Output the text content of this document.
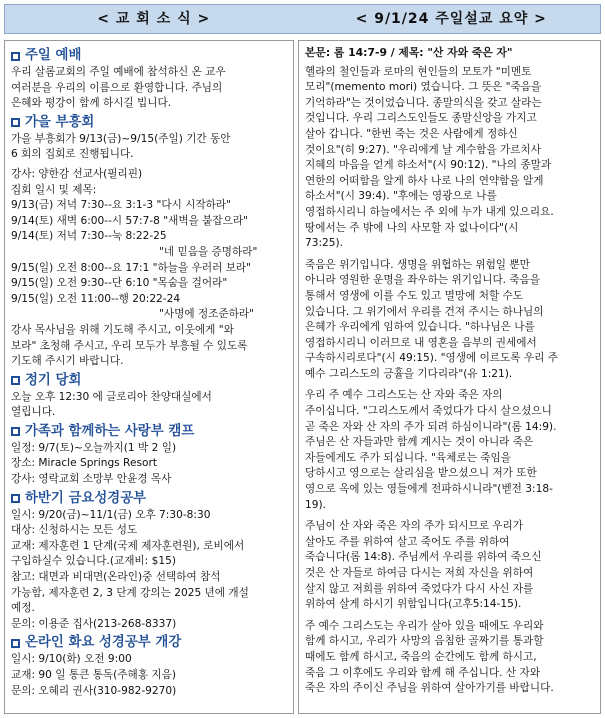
< 교 회 소 식 >	< 9/1/24 주일설교 요약 >
주일 예배
우리 살롬교회의 주일 예배에 참석하신 온 교우
여러분을 우리의 이름으로 환영합니다. 주님의
은혜와 평강이 함께 하시길 빕니다.
가을 부흥회
가을 부흥회가 9/13(금)~9/15(주일) 기간 동안
6 회의 집회로 진행됩니다.

강사: 양한감 선교사(필리핀)
집회 일시 및 제목:
9/13(금) 저녁 7:30--요 3:1-3 "다시 시작하라"
9/14(토) 새벽 6:00--시 57:7-8 "새벽을 붙잡으라"
9/14(토) 저녁 7:30--눅 8:22-25
"네 믿음을 증명하라"
9/15(일) 오전 8:00--요 17:1 "하늘을 우러러 보라"
9/15(일) 오전 9:30--단 6:10 "목숨을 걸어라"
9/15(일) 오전 11:00--행 20:22-24
"사명에 정조준하라"
강사 목사님을 위해 기도해 주시고, 이웃에게 "와
보라" 초청해 주시고, 우리 모두가 부흥될 수 있도록
기도해 주시기 바랍니다.
정기 당회
오늘 오후 12:30 에 글로리아 찬양대실에서
열립니다.
가족과 함께하는 사랑부 캠프
일정: 9/7(토)~오늘까지(1 박 2 일)
장소: Miracle Springs Resort
강사: 영락교회 소망부 안윤경 목사
하반기 금요성경공부
일시: 9/20(금)~11/1(금) 오후 7:30-8:30
대상: 신청하시는 모든 성도
교재: 제자훈련 1 단계(국제 제자훈련원), 로비에서
구입하실수 있습니다.(교재비: $15)
참고: 대면과 비대면(온라인)중 선택하여 참석
가능함, 제자훈련 2, 3 단계 강의는 2025 년에 개설
예정.
문의: 이용준 집사(213-268-8337)
온라인 화요 성경공부 개강
일시: 9/10(화) 오전 9:00
교재: 90 일 통큰 통독(주해홍 지음)
문의: 오혜리 권사(310-982-9270)
본문: 롬 14:7-9 / 제목: "산 자와 죽은 자"
헬라의 철인들과 로마의 현인들의 모토가 "미멘토
모리"(memento mori) 였습니다. 그 뜻은 "죽음을
기억하라"는 것이었습니다. 종말의식을 갖고 살라는
것입니다. 우리 그리스도인들도 종말신앙을 가지고
살아 갑니다. "한번 죽는 것은 사람에게 정하신
것이요"(히 9:27). "우리에게 날 계수함을 가르치사
지혜의 마음을 얻게 하소서"(시 90:12). "나의 종말과
연한의 어떠함을 알게 하사 나로 나의 연약함을 알게
하소서"(시 39:4). "후에는 영광으로 나를
영접하시리니 하늘에서는 주 외에 누가 내게 있으리요.
땅에서는 주 밖에 나의 사모할 자 없나이다"(시
73:25).
죽음은 위기입니다. 생명을 위협하는 위험일 뿐만
아니라 영원한 운명을 좌우하는 위기입니다. 죽음을
통해서 영생에 이를 수도 있고 멸망에 처할 수도
있습니다. 그 위기에서 우리를 건져 주시는 하나님의
은혜가 우리에게 임하여 있습니다. "하나님은 나를
영접하시리니 이러므로 내 영혼을 음부의 권세에서
구속하시리로다"(시 49:15). "영생에 이르도록 우리 주
예수 그리스도의 긍휼을 기다리라"(유 1:21).
우리 주 예수 그리스도는 산 자와 죽은 자의
주이십니다. "그리스도께서 죽었다가 다시 살으셨으니
곧 죽은 자와 산 자의 주가 되려 하심이니라"(롬 14:9).
주님은 산 자들과만 함께 계시는 것이 아니라 죽은
자들에게도 주가 되십니다. "육체로는 죽임을
당하시고 영으로는 살리심을 받으셨으니 저가 또한
영으로 옥에 있는 영들에게 전파하시니라"(벧전 3:18-
19).
주님이 산 자와 죽은 자의 주가 되시므로 우리가
살아도 주를 위하여 살고 죽어도 주를 위하여
죽습니다(롬 14:8). 주님께서 우리를 위하여 죽으신
것은 산 자들로 하여금 다시는 저희 자신을 위하여
살지 않고 저희를 위하여 죽었다가 다시 사신 자를
위하여 살게 하시기 위함입니다(고후5:14-15).
주 예수 그리스도는 우리가 살아 있을 때에도 우리와
함께 하시고, 우리가 사망의 음침한 골짜기를 통과할
때에도 함께 하시고, 죽음의 순간에도 함께 하시고,
죽음 그 이후에도 우리와 함께 해 주십니다. 산 자와
죽은 자의 주이신 주님을 위하여 살아가기를 바랍니다.
